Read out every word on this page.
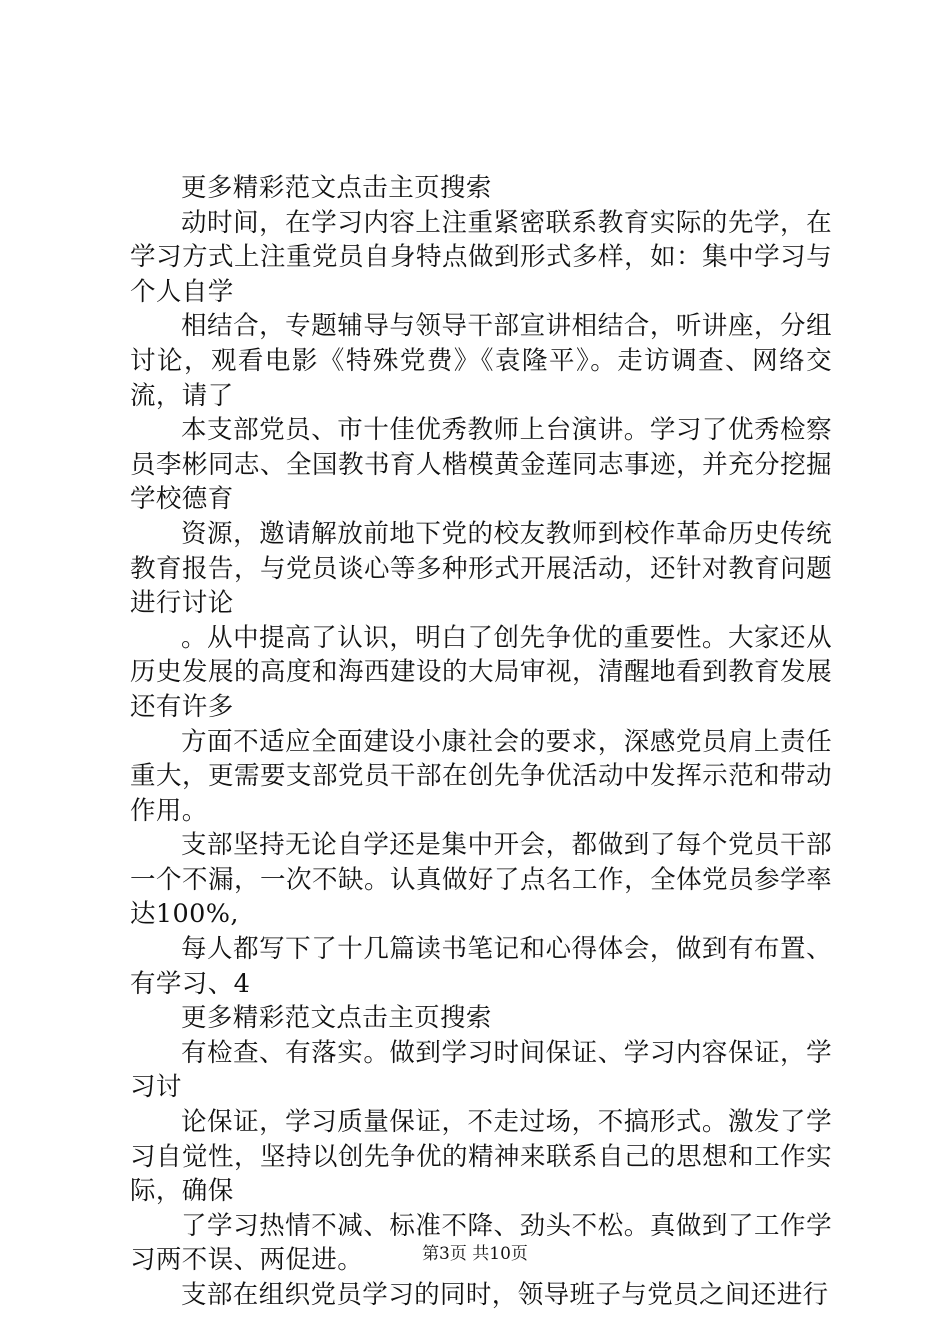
更多精彩范文点击主页搜索

动时间，在学习内容上注重紧密联系教育实际的先学，在学习方式上注重党员自身特点做到形式多样，如：集中学习与个人自学

相结合，专题辅导与领导干部宣讲相结合，听讲座，分组讨论，观看电影《特殊党费》《袁隆平》。走访调查、网络交流，请了

本支部党员、市十佳优秀教师上台演讲。学习了优秀检察员李彬同志、全国教书育人楷模黄金莲同志事迹，并充分挖掘学校德育

资源，邀请解放前地下党的校友教师到校作革命历史传统教育报告，与党员谈心等多种形式开展活动，还针对教育问题进行讨论

。从中提高了认识，明白了创先争优的重要性。大家还从历史发展的高度和海西建设的大局审视，清醒地看到教育发展还有许多

方面不适应全面建设小康社会的要求，深感党员肩上责任重大，更需要支部党员干部在创先争优活动中发挥示范和带动作用。

支部坚持无论自学还是集中开会，都做到了每个党员干部一个不漏，一次不缺。认真做好了点名工作，全体党员参学率达100%,

每人都写下了十几篇读书笔记和心得体会，做到有布置、有学习、4

更多精彩范文点击主页搜索

有检查、有落实。做到学习时间保证、学习内容保证，学习讨

论保证，学习质量保证，不走过场，不搞形式。激发了学习自觉性，坚持以创先争优的精神来联系自己的思想和工作实际，确保

了学习热情不减、标准不降、劲头不松。真做到了工作学习两不误、两促进。

支部在组织党员学习的同时，领导班子与党员之间还进行

第3页 共10页
